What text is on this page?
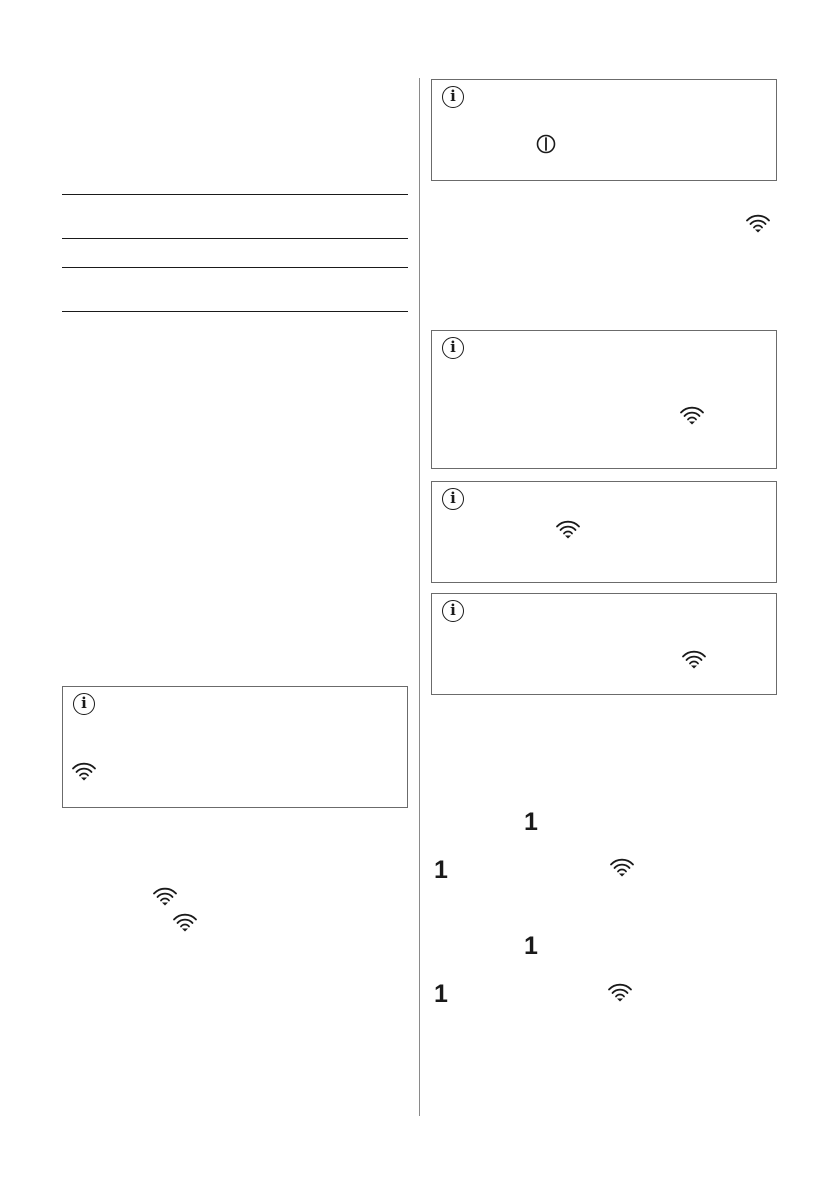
i
i
i
i
i
1
1
1
1
